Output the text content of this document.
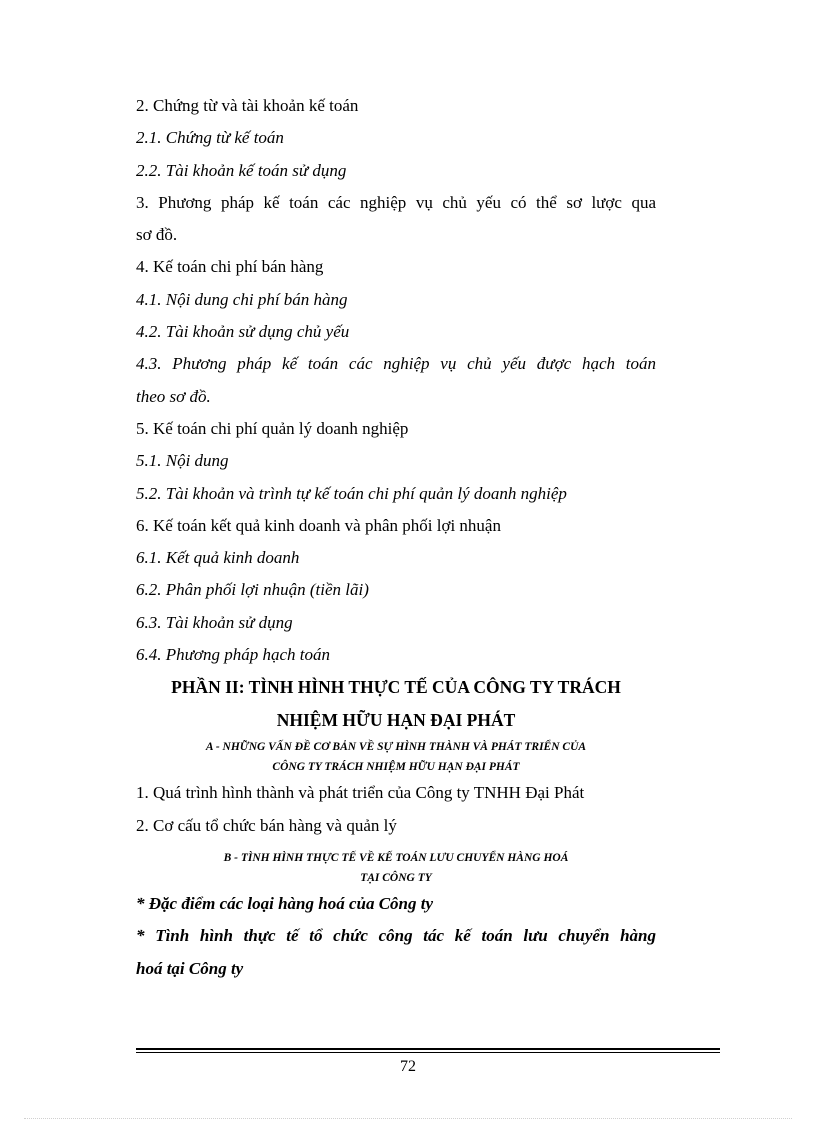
2. Chứng từ và tài khoản kế toán
2.1. Chứng từ kế toán
2.2. Tài khoản kế toán sử dụng
3. Phương pháp kế toán các nghiệp vụ chủ yếu có thể sơ lược qua
sơ đồ.
4. Kế toán chi phí bán hàng
4.1. Nội dung chi phí bán hàng
4.2. Tài khoản sử dụng chủ yếu
4.3. Phương pháp kế toán các nghiệp vụ chủ yếu được hạch toán
theo sơ đồ.
5. Kế toán chi phí quản lý doanh nghiệp
5.1. Nội dung
5.2. Tài khoản và trình tự kế toán chi phí quản lý doanh nghiệp
6. Kế toán kết quả kinh doanh và phân phối lợi nhuận
6.1. Kết quả kinh doanh
6.2. Phân phối lợi nhuận (tiền lãi)
6.3. Tài khoản sử dụng
6.4. Phương pháp hạch toán
PHẦN II: TÌNH HÌNH THỰC TẾ CỦA CÔNG TY TRÁCH
NHIỆM HỮU HẠN ĐẠI PHÁT
A - NHỮNG VẤN ĐỀ CƠ BẢN VỀ SỰ HÌNH THÀNH VÀ PHÁT TRIỂN CỦA
CÔNG TY TRÁCH NHIỆM HỮU HẠN ĐẠI PHÁT
1. Quá trình hình thành và phát triển của Công ty TNHH Đại Phát
2. Cơ cấu tổ chức bán hàng và quản lý
B - TÌNH HÌNH THỰC TẾ VỀ KẾ TOÁN LƯU CHUYỂN HÀNG HOÁ
TẠI CÔNG TY
* Đặc điểm các loại hàng hoá của Công ty
* Tình hình thực tế tổ chức công tác kế toán lưu chuyển hàng
hoá tại Công ty
72
